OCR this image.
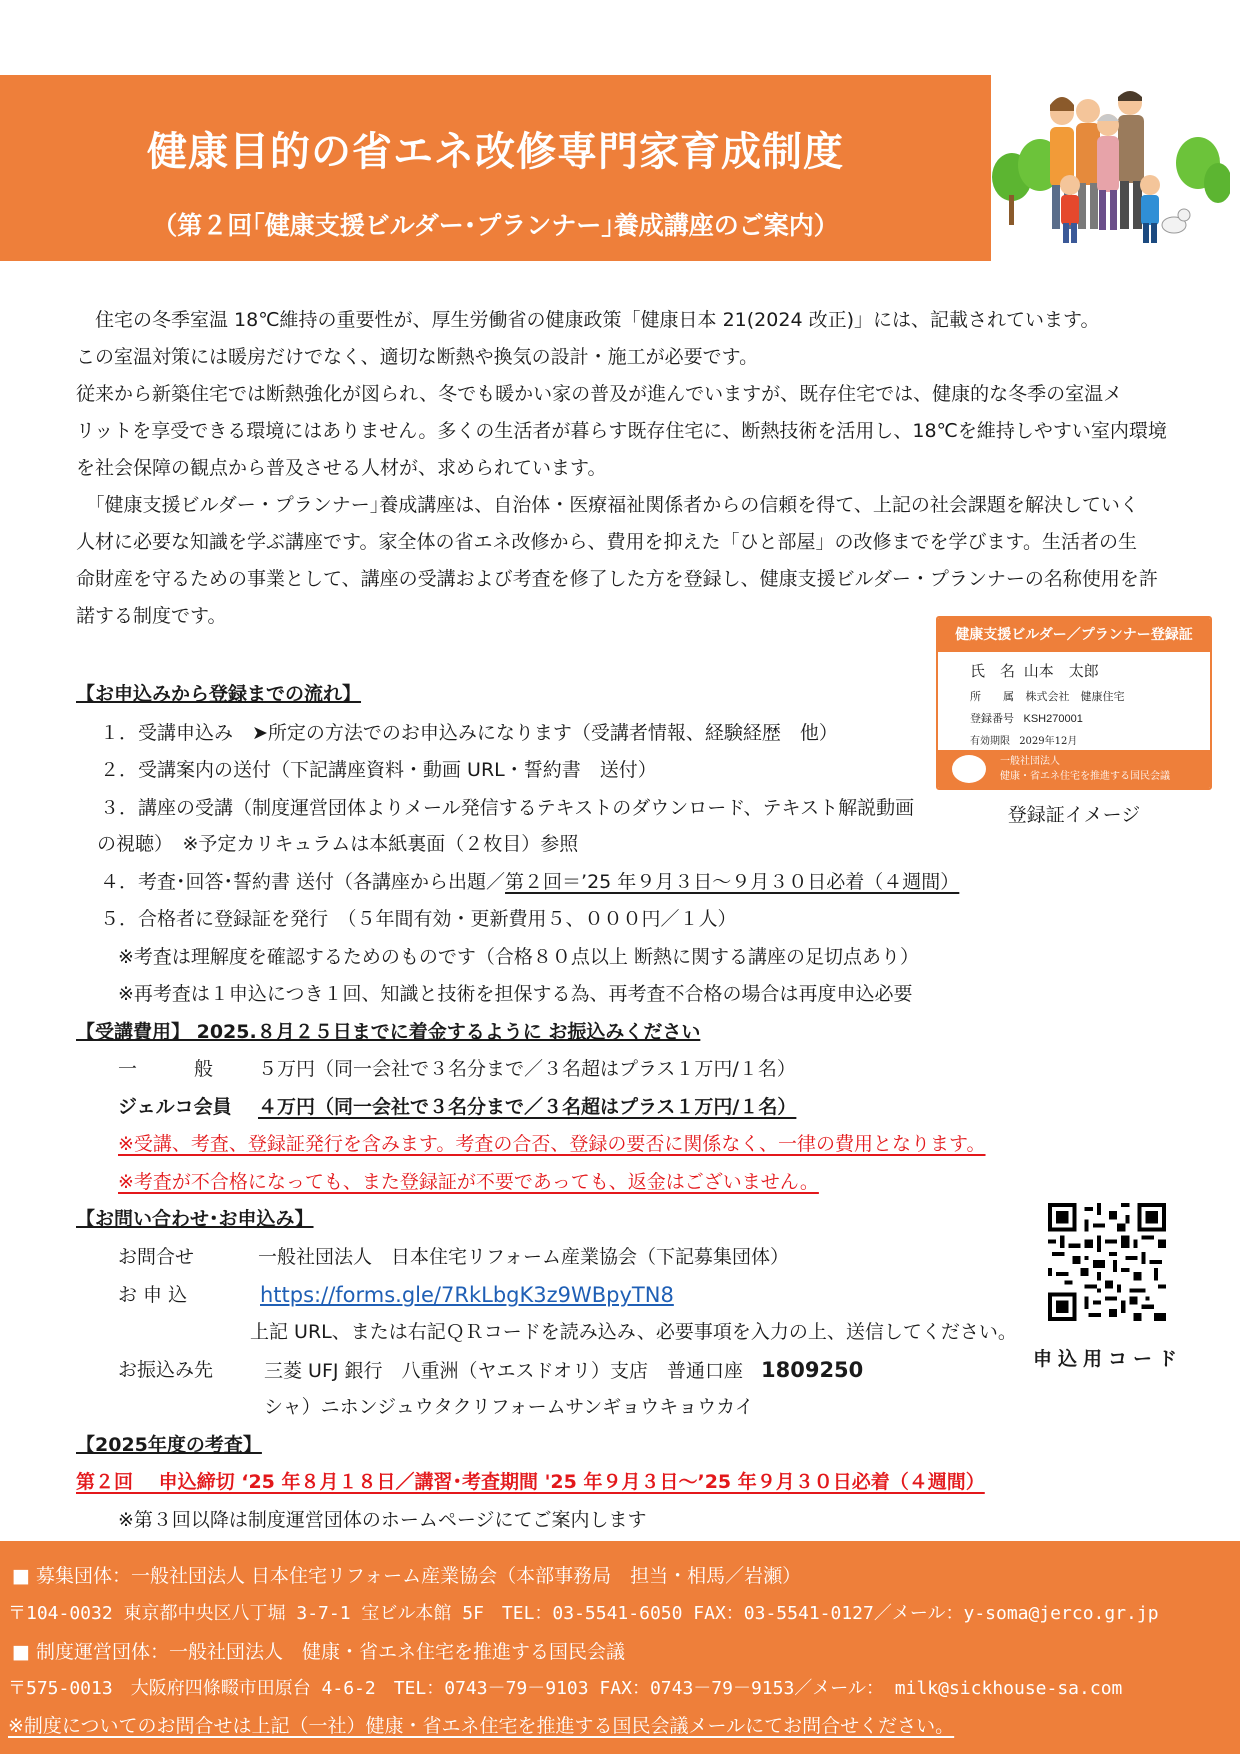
健康目的の省エネ改修専門家育成制度
（第２回｢健康支援ビルダー･プランナー｣養成講座のご案内）
　住宅の冬季室温 18℃維持の重要性が、厚生労働省の健康政策「健康日本 21(2024 改正)」には、記載されています。
この室温対策には暖房だけでなく、適切な断熱や換気の設計・施工が必要です。
従来から新築住宅では断熱強化が図られ、冬でも暖かい家の普及が進んでいますが、既存住宅では、健康的な冬季の室温メ
リットを享受できる環境にはありません。多くの生活者が暮らす既存住宅に、断熱技術を活用し、18℃を維持しやすい室内環境
を社会保障の観点から普及させる人材が、求められています。
　｢健康支援ビルダー・プランナー｣養成講座は、自治体・医療福祉関係者からの信頼を得て、上記の社会課題を解決していく
人材に必要な知識を学ぶ講座です。家全体の省エネ改修から、費用を抑えた「ひと部屋」の改修までを学びます。生活者の生
命財産を守るための事業として、講座の受講および考査を修了した方を登録し、健康支援ビルダー・プランナーの名称使用を許
諾する制度です。
健康支援ビルダー／プランナー登録証
氏　名 山本　太郎
所　　属 株式会社　健康住宅
登録番号 KSH270001
有効期限 2029年12月
一般社団法人
健康・省エネ住宅を推進する国民会議
登録証イメージ
【お申込みから登録までの流れ】
１．受講申込み　➤所定の方法でのお申込みになります（受講者情報、経験経歴　他）
２．受講案内の送付（下記講座資料・動画 URL・誓約書　送付）
３．講座の受講（制度運営団体よりメール発信するテキストのダウンロード、テキスト解説動画
の視聴）　※予定カリキュラムは本紙裏面（２枚目）参照
４．考査･回答･誓約書 送付（各講座から出題／第２回＝’25 年９月３日～９月３０日必着（４週間）
５．合格者に登録証を発行　（５年間有効・更新費用５、０００円／１人）
※考査は理解度を確認するためのものです（合格８０点以上 断熱に関する講座の足切点あり）
※再考査は１申込につき１回、知識と技術を担保する為、再考査不合格の場合は再度申込必要
【受講費用】 2025.８月２５日までに着金するように お振込みください
一　　　般 ５万円（同一会社で３名分まで／３名超はプラス１万円/１名）
ジェルコ会員 ４万円（同一会社で３名分まで／３名超はプラス１万円/１名）
※受講、考査、登録証発行を含みます。考査の合否、登録の要否に関係なく、一律の費用となります。
※考査が不合格になっても、また登録証が不要であっても、返金はございません。
【お問い合わせ･お申込み】
お問合せ	一般社団法人　日本住宅リフォーム産業協会（下記募集団体）
お 申 込	https://forms.gle/7RkLbgK3z9WBpyTN8
上記 URL、または右記ＱＲコードを読み込み、必要事項を入力の上、送信してください。
お振込み先	三菱 UFJ 銀行　八重洲（ヤエスドオリ）支店　普通口座 1809250
シャ）ニホンジュウタクリフォームサンギョウキョウカイ
申込用コード
【2025年度の考査】
第２回　 申込締切 ‘25 年８月１８日／講習･考査期間 '25 年９月３日～’25 年９月３０日必着（４週間）
※第３回以降は制度運営団体のホームページにてご案内します
■ 募集団体：一般社団法人 日本住宅リフォーム産業協会（本部事務局　担当・相馬／岩瀬）
〒104-0032 東京都中央区八丁堀 3-7-1 宝ビル本館 5F　TEL：03-5541-6050 FAX：03-5541-0127／メール：y-soma@jerco.gr.jp
■ 制度運営団体：一般社団法人　健康・省エネ住宅を推進する国民会議
〒575-0013　大阪府四條畷市田原台 4-6-2　TEL：0743－79－9103 FAX：0743－79－9153／メール： milk@sickhouse-sa.com
※制度についてのお問合せは上記（一社）健康・省エネ住宅を推進する国民会議メールにてお問合せください。
